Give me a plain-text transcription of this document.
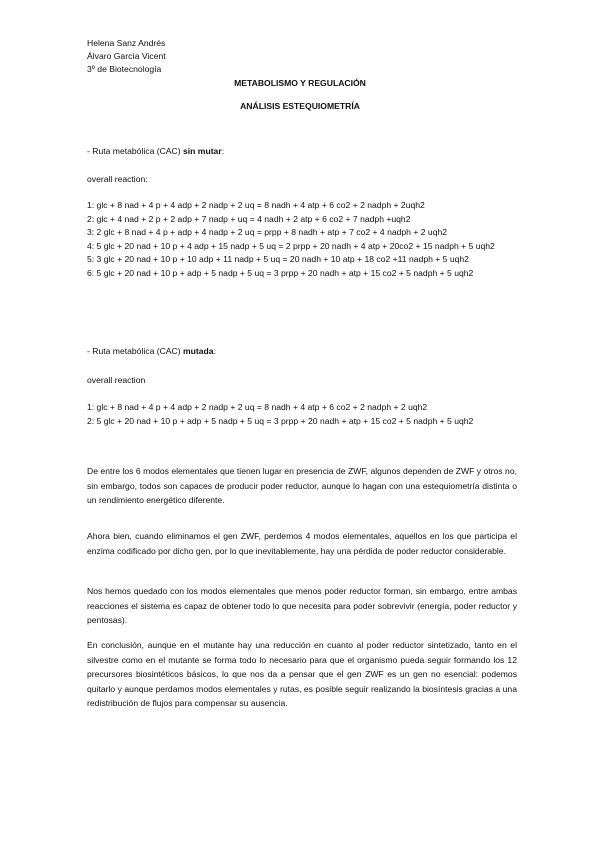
Helena Sanz Andrés
Álvaro García Vicent
3º de Biotecnología
METABOLISMO Y REGULACIÓN
ANÁLISIS ESTEQUIOMETRÍA
- Ruta metabólica (CAC) sin mutar:
overall reaction:
1: glc + 8 nad + 4 p + 4 adp + 2 nadp + 2 uq = 8 nadh + 4 atp + 6 co2 + 2 nadph + 2uqh2
2: glc + 4 nad + 2 p + 2 adp + 7 nadp + uq = 4 nadh + 2 atp + 6 co2 + 7 nadph +uqh2
3: 2 glc + 8 nad + 4 p + adp + 4 nadp + 2 uq = prpp + 8 nadh + atp + 7 co2 + 4 nadph + 2 uqh2
4: 5 glc + 20 nad + 10 p + 4 adp + 15 nadp + 5 uq = 2 prpp + 20 nadh + 4 atp + 20co2 + 15 nadph + 5 uqh2
5: 3 glc + 20 nad + 10 p + 10 adp + 11 nadp + 5 uq = 20 nadh + 10 atp + 18 co2 +11 nadph + 5 uqh2
6: 5 glc + 20 nad + 10 p + adp + 5 nadp + 5 uq = 3 prpp + 20 nadh + atp + 15 co2 + 5 nadph + 5 uqh2
- Ruta metabólica (CAC) mutada:
overall reaction
1: glc + 8 nad + 4 p + 4 adp + 2 nadp + 2 uq = 8 nadh + 4 atp + 6 co2 + 2 nadph + 2 uqh2
2: 5 glc + 20 nad + 10 p + adp + 5 nadp + 5 uq = 3 prpp + 20 nadh + atp + 15 co2 + 5 nadph + 5 uqh2
De entre los 6 modos elementales que tienen lugar en presencia de ZWF, algunos dependen de ZWF y otros no, sin embargo, todos son capaces de producir poder reductor, aunque lo hagan con una estequiometría distinta o un rendimiento energético diferente.
Ahora bien, cuando eliminamos el gen ZWF, perdemos 4 modos elementales, aquellos en los que participa el enzima codificado por dicho gen, por lo que inevitablemente, hay una pérdida de poder reductor considerable.
Nos hemos quedado con los modos elementales que menos poder reductor forman, sin embargo, entre ambas reacciones el sistema es capaz de obtener todo lo que necesita para poder sobrevivir (energía, poder reductor y pentosas).
En conclusión, aunque en el mutante hay una reducción en cuanto al poder reductor sintetizado, tanto en el silvestre como en el mutante se forma todo lo necesario para que el organismo pueda seguir formando los 12 precursores biosintéticos básicos, lo que nos da a pensar que el gen ZWF es un gen no esencial: podemos quitarlo y aunque perdamos modos elementales y rutas, es posible seguir realizando la biosíntesis gracias a una redistribución de flujos para compensar su ausencia.
